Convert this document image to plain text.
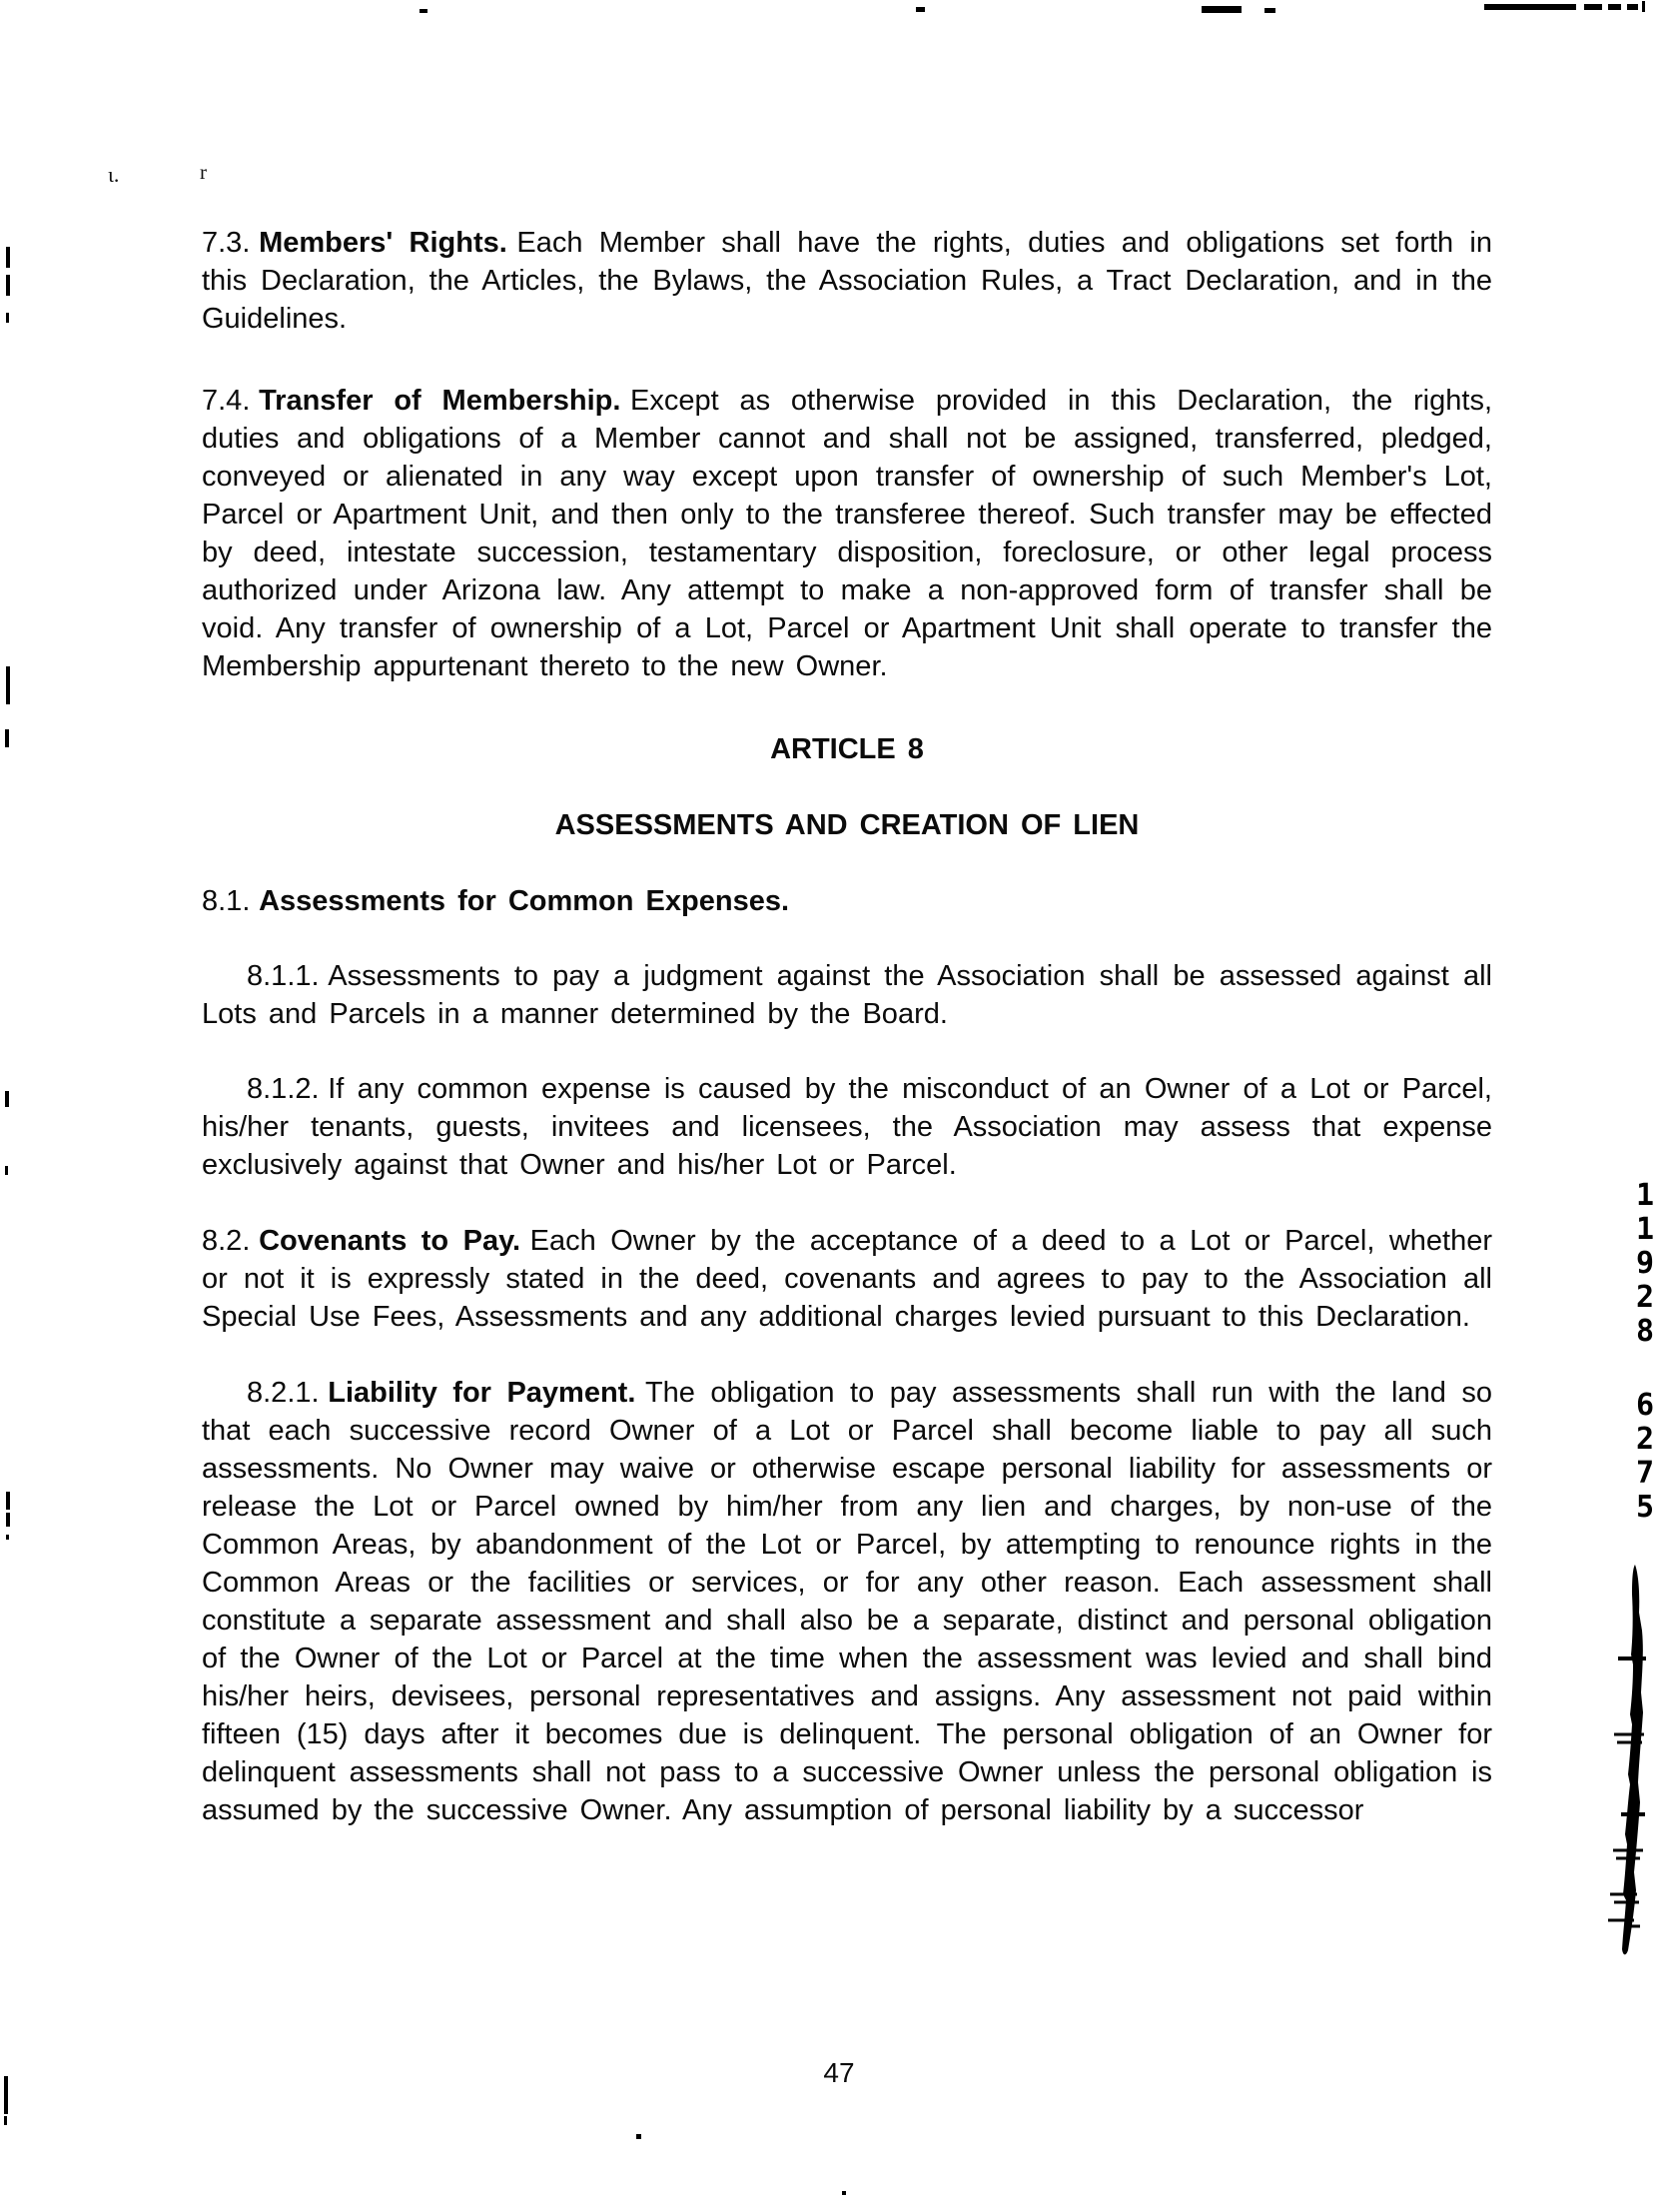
7.3. Members' Rights. Each Member shall have the rights, duties and obligations set forth in this Declaration, the Articles, the Bylaws, the Association Rules, a Tract Declaration, and in the Guidelines.

7.4. Transfer of Membership. Except as otherwise provided in this Declaration, the rights, duties and obligations of a Member cannot and shall not be assigned, transferred, pledged, conveyed or alienated in any way except upon transfer of ownership of such Member's Lot, Parcel or Apartment Unit, and then only to the transferee thereof. Such transfer may be effected by deed, intestate succession, testamentary disposition, foreclosure, or other legal process authorized under Arizona law. Any attempt to make a non-approved form of transfer shall be void. Any transfer of ownership of a Lot, Parcel or Apartment Unit shall operate to transfer the Membership appurtenant thereto to the new Owner.

ARTICLE 8

ASSESSMENTS AND CREATION OF LIEN

8.1. Assessments for Common Expenses.

8.1.1. Assessments to pay a judgment against the Association shall be assessed against all Lots and Parcels in a manner determined by the Board.

8.1.2. If any common expense is caused by the misconduct of an Owner of a Lot or Parcel, his/her tenants, guests, invitees and licensees, the Association may assess that expense exclusively against that Owner and his/her Lot or Parcel.

8.2. Covenants to Pay. Each Owner by the acceptance of a deed to a Lot or Parcel, whether or not it is expressly stated in the deed, covenants and agrees to pay to the Association all Special Use Fees, Assessments and any additional charges levied pursuant to this Declaration.

8.2.1. Liability for Payment. The obligation to pay assessments shall run with the land so that each successive record Owner of a Lot or Parcel shall become liable to pay all such assessments. No Owner may waive or otherwise escape personal liability for assessments or release the Lot or Parcel owned by him/her from any lien and charges, by non-use of the Common Areas, by abandonment of the Lot or Parcel, by attempting to renounce rights in the Common Areas or the facilities or services, or for any other reason. Each assessment shall constitute a separate assessment and shall also be a separate, distinct and personal obligation of the Owner of the Lot or Parcel at the time when the assessment was levied and shall bind his/her heirs, devisees, personal representatives and assigns. Any assessment not paid within fifteen (15) days after it becomes due is delinquent. The personal obligation of an Owner for delinquent assessments shall not pass to a successive Owner unless the personal obligation is assumed by the successive Owner. Any assumption of personal liability by a successor

47
1
1
9
2
8
6
2
7
5
ι.	r
